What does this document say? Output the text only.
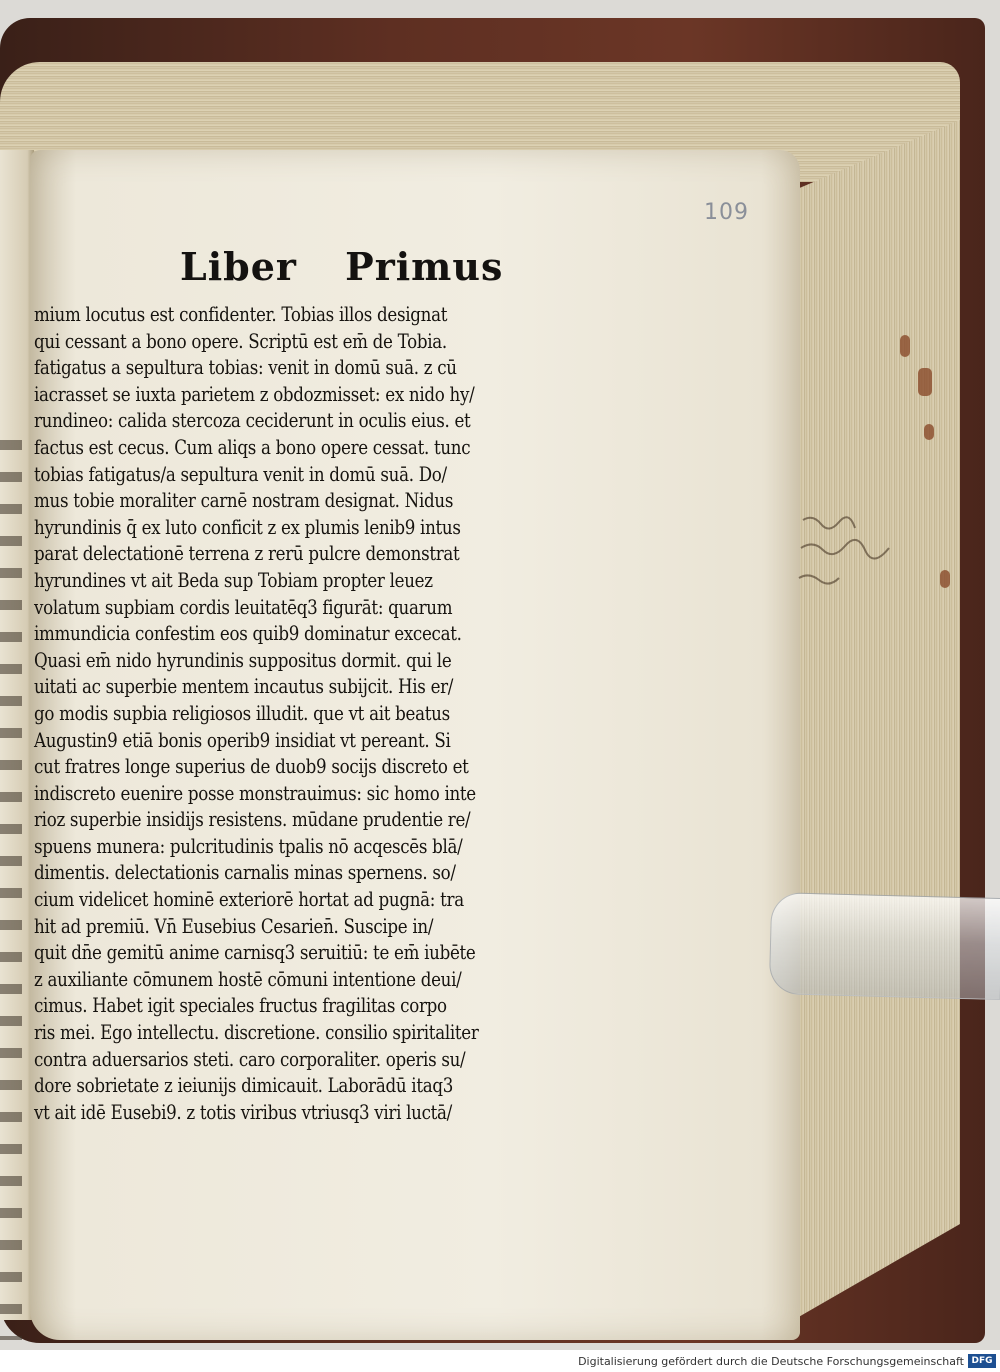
109
Liber Primus
mium locutus est confidenter. Tobias illos designat
qui cessant a bono opere. Scriptū est em̄ de Tobia.
fatigatus a sepultura tobias: venit in domū suā. z cū
iacrasset se iuxta parietem z obdozmisset: ex nido hy/
rundineo: calida stercoza ceciderunt in oculis eius. et
factus est cecus. Cum aliqs a bono opere cessat. tunc
tobias fatigatus/a sepultura venit in domū suā. Do/
mus tobie moraliter carnē nostram designat. Nidus
hyrundinis q̄ ex luto conficit z ex plumis lenib9 intus
parat delectationē terrena z rerū pulcre demonstrat
hyrundines vt ait Beda sup Tobiam propter leuez
volatum supbiam cordis leuitatēq3 figurāt: quarum
immundicia confestim eos quib9 dominatur excecat.
Quasi em̄ nido hyrundinis suppositus dormit. qui le
uitati ac superbie mentem incautus subijcit. His er/
go modis supbia religiosos illudit. que vt ait beatus
Augustin9 etiā bonis operib9 insidiat vt pereant. Si
cut fratres longe superius de duob9 socijs discreto et
indiscreto euenire posse monstrauimus: sic homo inte
rioz superbie insidijs resistens. mūdane prudentie re/
spuens munera: pulcritudinis tpalis nō acqescēs blā/
dimentis. delectationis carnalis minas spernens. so/
cium videlicet hominē exteriorē hortat ad pugnā: tra
hit ad premiū. Vn̄ Eusebius Cesarien̄. Suscipe in/
quit dn̄e gemitū anime carnisq3 seruitiū: te em̄ iubēte
z auxiliante cōmunem hostē cōmuni intentione deui/
cimus. Habet igit speciales fructus fragilitas corpo
ris mei. Ego intellectu. discretione. consilio spiritaliter
contra aduersarios steti. caro corporaliter. operis su/
dore sobrietate z ieiunijs dimicauit. Laborādū itaq3
vt ait idē Eusebi9. z totis viribus vtriusq3 viri luctā/
Digitalisierung gefördert durch die Deutsche Forschungsgemeinschaft DFG
